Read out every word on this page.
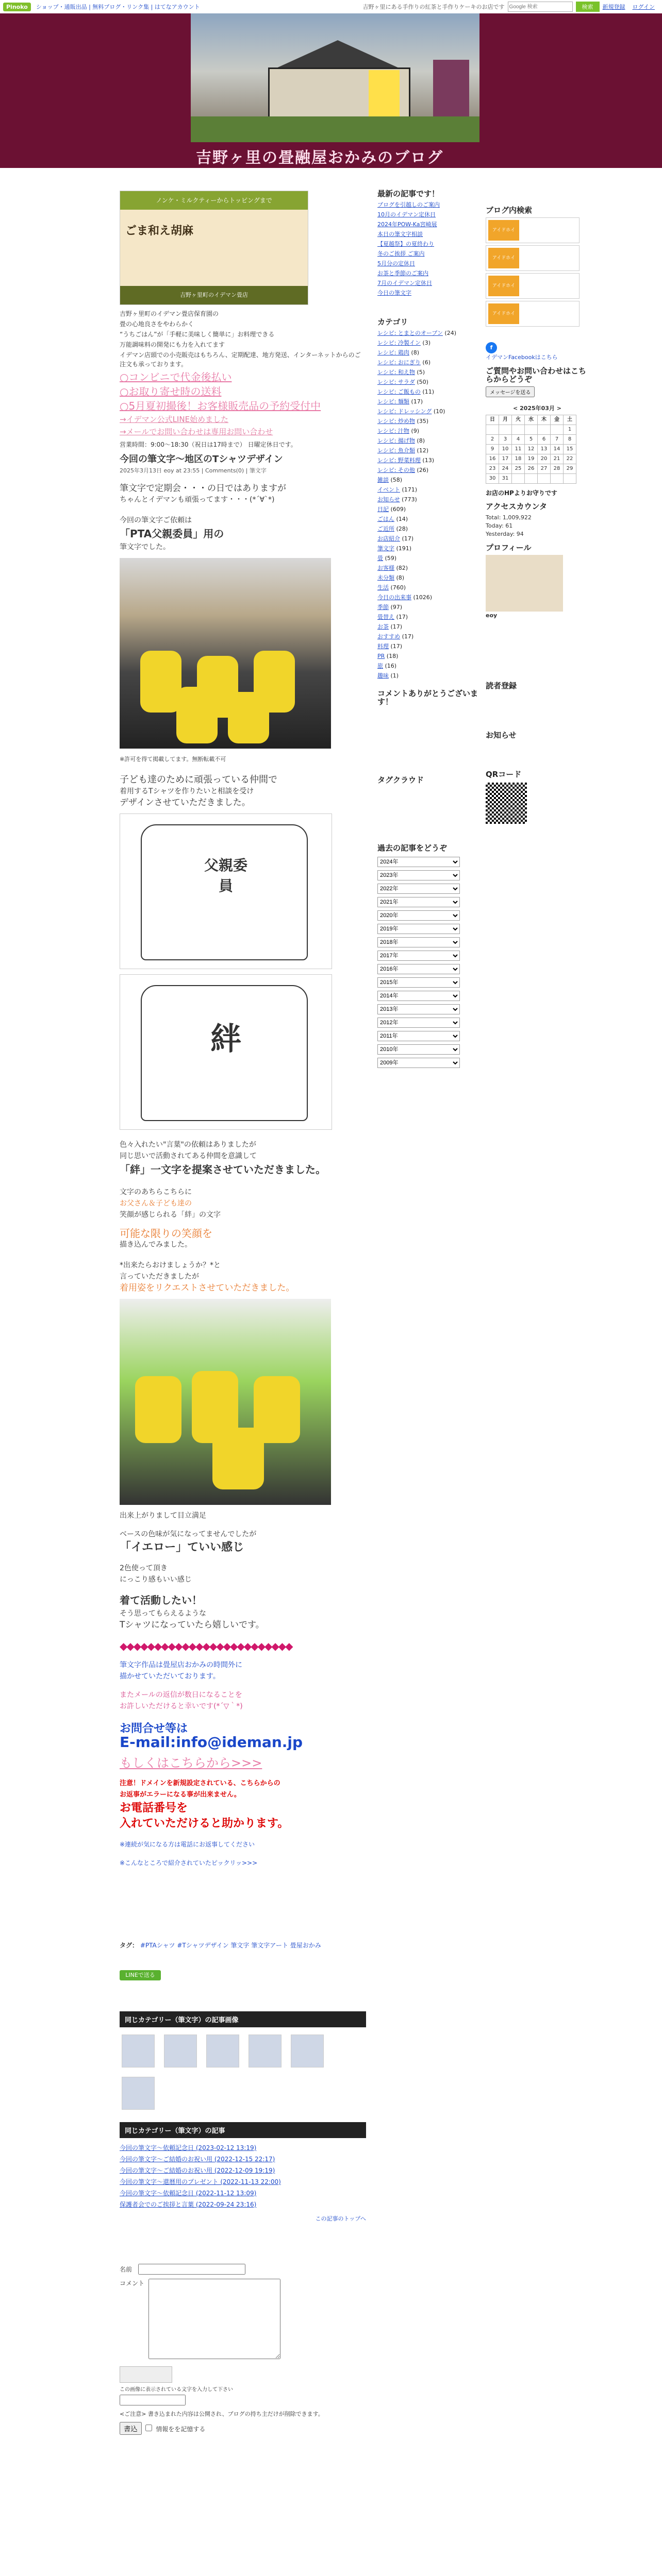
Pinoko	ショップ・通販出品 | 無料ブログ・リンク集 | はてなアカウント	吉野ヶ里にある手作りの紅茶と手作りケーキのお店です
Google 検索	検索	新規登録 ログイン
吉野ヶ里の畳融屋おかみのブログ
ノンケ・ミルクティーからトッピングまで
ごま和え胡麻
吉野ヶ里町のイデマン畳店

吉野ヶ里町のイデマン畳店保育園の

畳の心地良さをやわらかく

“うちごはん”が「手軽に美味しく簡単に」お料理できる

万能調味料の開発にも力を入れてます

イデマン店頭での小売販売はもちろん、定期配達、地方発送、インターネットからのご注文も承っております。

○コンビニで代金後払い
○お取り寄せ時の送料
○5月夏初撮後！お客様販売品の予約受付中
→イデマン公式LINE始めました
→メールでお問い合わせは専用お問い合わせ
営業時間：9:00〜18:30（祝日は17時まで） 日曜定休日です。
今回の筆文字〜地区のTシャツデザイン
2025年3月13日 eoy at 23:55 | Comments(0) | 筆文字

筆文字で定期会・・・の日ではありますが

ちゃんとイデマンも頑張ってます・・・(*´∀`*)

今回の筆文字ご依頼は

「PTA父親委員」用の

筆文字でした。

※許可を得て掲載してます。無断転載不可

子ども達のために頑張っている仲間で

着用するTシャツを作りたいと相談を受け

デザインさせていただきました。

父親委員
絆

色々入れたい"言葉"の依頼はありましたが

同じ思いで活動されてある仲間を意識して

「絆」一文字を提案させていただきました。

文字のあちらこちらに

お父さん＆子ども達の

笑顔が感じられる「絆」の文字

可能な限りの笑顔を

描き込んでみました。

*出来たらおけましょうか？*と

言っていただきましたが

着用姿をリクエストさせていただきました。

出来上がりまして目立満足

ベースの色味が気になってませんでしたが

「イエロー」ていい感じ

2色使って頂き

にっこり感もいい感じ

着て活動したい！

そう思ってもらえるような

Tシャツになっていたら嬉しいです。

◆◆◆◆◆◆◆◆◆◆◆◆◆◆◆◆◆◆◆◆◆◆◆◆◆

筆文字作品は畳屋店おかみの時間外に

描かせていただいております。

またメールの返信が数日になることを

お許しいただけると幸いです(*´▽｀*)

お問合せ等は

E-mail:info@ideman.jp

もしくはこちらから>>>

注意！ドメインを新規設定されている、こちらからの

お返事がエラーになる事が出来ません。

お電話番号を

入れていただけると助かります。

※連続が気になる方は電話にお返事してください

※こんなところで紹介されていたピックリッ>>>

タグ： #PTAシャツ #Tシャツデザイン 筆文字 筆文字アート 畳屋おかみ
LINEで送る
同じカテゴリー（筆文字）の記事画像
同じカテゴリー（筆文字）の記事
今回の筆文字〜依頼記念日 (2023-02-12 13:19)
今回の筆文字〜ご結婚のお祝い用 (2022-12-15 22:17)
今回の筆文字〜ご結婚のお祝い用 (2022-12-09 19:19)
今回の筆文字〜還暦用のプレゼント (2022-11-13 22:00)
今回の筆文字〜依頼記念日 (2022-11-12 13:09)
保護者会でのご挨拶と言葉 (2022-09-24 23:16)
この記事のトップへ
名前
コメント
この画像に表示されている文字を入力して下さい
<ご注意> 書き込まれた内容は公開され、ブログの持ち主だけが削除できます。
書込	情報をを記憶する
最新の記事です！
ブログを引越しのご案内
10月のイデマン定休日
2024年POW-Ka宮崎展
本日の筆文字相談
【夏越祭】の夏終わり
冬のご挨拶 ご案内
5月分の定休日
お茶と季節のご案内
7月のイデマン定休日
今日の筆文字
カテゴリ
レシピ: とまとのオーブン (24)
レシピ: 冷製イン (3)
レシピ: 鶏肉 (8)
レシピ: おにぎり (6)
レシピ: 和え物 (5)
レシピ: サラダ (50)
レシピ: ご飯もの (11)
レシピ: 麺類 (17)
レシピ: ドレッシング (10)
レシピ: 炒め物 (35)
レシピ: 汁物 (9)
レシピ: 揚げ物 (8)
レシピ: 魚介類 (12)
レシピ: 野菜料理 (13)
レシピ: その他 (26)
雑談 (58)
イベント (171)
お知らせ (773)
日記 (609)
ごはん (14)
ご近所 (28)
お店紹介 (17)
筆文字 (191)
畳 (59)
お客様 (82)
未分類 (8)
生活 (760)
今日の出来事 (1026)
季節 (97)
畳替え (17)
お茶 (17)
おすすめ (17)
料理 (17)
PR (18)
旅 (16)
趣味 (1)
コメントありがとうございます！
タグクラウド
過去の記事をどうぞ
2024年

2023年

2022年

2021年

2020年

2019年

2018年

2017年

2016年

2015年

2014年

2013年

2012年

2011年

2010年

2009年

ブログ内検索
アイドホイ
アイドホイ
アイドホイ
アイドホイ
f
イデマンFacebookはこちら
ご質問やお問い合わせはこちらからどうぞ
メッセージを送る
< 2025年03月 >
日	月	火	水	木	金	土
						1
2	3	4	5	6	7	8
9	10	11	12	13	14	15
16	17	18	19	20	21	22
23	24	25	26	27	28	29
30	31					
お店のHPよりお守りです
アクセスカウンタ
Total: 1,009,922
Today: 61
Yesterday: 94
プロフィール
eoy
読者登録
お知らせ
QRコード
